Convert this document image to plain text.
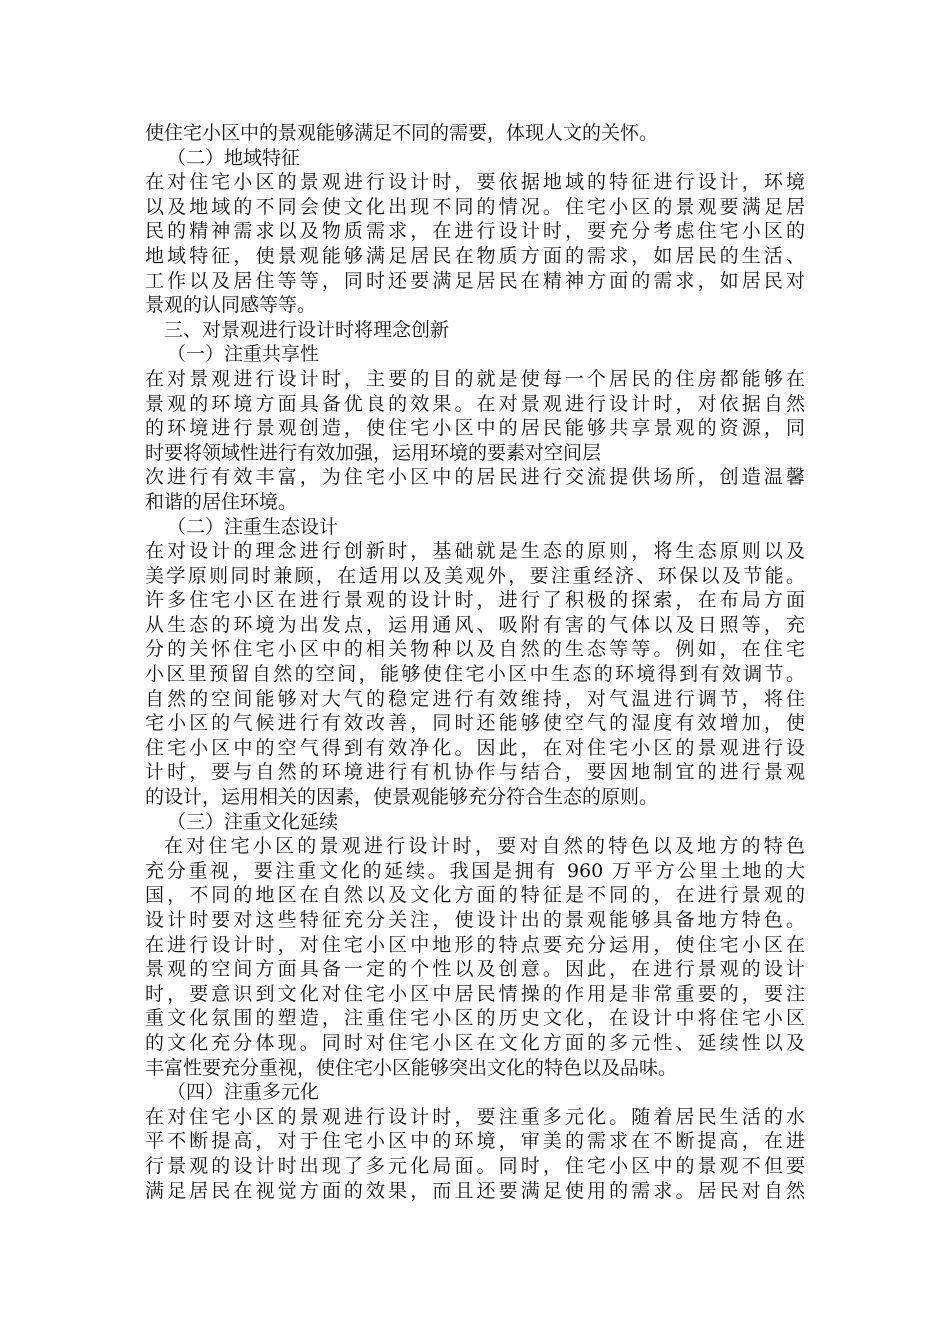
使住宅小区中的景观能够满足不同的需要，体现人文的关怀。
（二）地域特征
在对住宅小区的景观进行设计时，要依据地域的特征进行设计，环境
以及地域的不同会使文化出现不同的情况。住宅小区的景观要满足居
民的精神需求以及物质需求，在进行设计时，要充分考虑住宅小区的
地域特征，使景观能够满足居民在物质方面的需求，如居民的生活、
工作以及居住等等，同时还要满足居民在精神方面的需求，如居民对
景观的认同感等等。
三、对景观进行设计时将理念创新
（一）注重共享性
在对景观进行设计时，主要的目的就是使每一个居民的住房都能够在
景观的环境方面具备优良的效果。在对景观进行设计时，对依据自然
的环境进行景观创造，使住宅小区中的居民能够共享景观的资源，同
时要将领域性进行有效加强，运用环境的要素对空间层
次进行有效丰富，为住宅小区中的居民进行交流提供场所，创造温馨
和谐的居住环境。
（二）注重生态设计
在对设计的理念进行创新时，基础就是生态的原则，将生态原则以及
美学原则同时兼顾，在适用以及美观外，要注重经济、环保以及节能。
许多住宅小区在进行景观的设计时，进行了积极的探索，在布局方面
从生态的环境为出发点，运用通风、吸附有害的气体以及日照等，充
分的关怀住宅小区中的相关物种以及自然的生态等等。例如，在住宅
小区里预留自然的空间，能够使住宅小区中生态的环境得到有效调节。
自然的空间能够对大气的稳定进行有效维持，对气温进行调节，将住
宅小区的气候进行有效改善，同时还能够使空气的湿度有效增加，使
住宅小区中的空气得到有效净化。因此，在对住宅小区的景观进行设
计时，要与自然的环境进行有机协作与结合，要因地制宜的进行景观
的设计，运用相关的因素，使景观能够充分符合生态的原则。
（三）注重文化延续
在对住宅小区的景观进行设计时，要对自然的特色以及地方的特色
充分重视，要注重文化的延续。我国是拥有 960 万平方公里土地的大
国，不同的地区在自然以及文化方面的特征是不同的，在进行景观的
设计时要对这些特征充分关注，使设计出的景观能够具备地方特色。
在进行设计时，对住宅小区中地形的特点要充分运用，使住宅小区在
景观的空间方面具备一定的个性以及创意。因此，在进行景观的设计
时，要意识到文化对住宅小区中居民情操的作用是非常重要的，要注
重文化氛围的塑造，注重住宅小区的历史文化，在设计中将住宅小区
的文化充分体现。同时对住宅小区在文化方面的多元性、延续性以及
丰富性要充分重视，使住宅小区能够突出文化的特色以及品味。
（四）注重多元化
在对住宅小区的景观进行设计时，要注重多元化。随着居民生活的水
平不断提高，对于住宅小区中的环境，审美的需求在不断提高，在进
行景观的设计时出现了多元化局面。同时，住宅小区中的景观不但要
满足居民在视觉方面的效果，而且还要满足使用的需求。居民对自然
